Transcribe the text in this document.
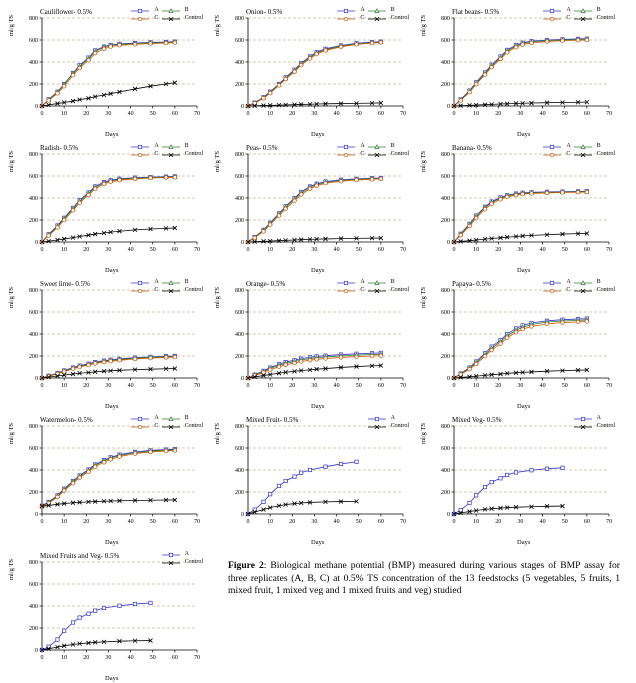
Cauliflower- 0.5%
		A		B

	C		Control
ml/g TS
Days
0
200
400
600
800
0	10	20	30	40	50	60	70
Onion- 0.5%
		A		B

	C		Control
ml/g TS
Days
0
200
400
600
800
0	10	20	30	40	50	60	70
Flat beans- 0.5%
		A		B

	C		Control
ml/g TS
Days
0
200
400
600
800
0	10	20	30	40	50	60	70
Radish- 0.5%
		A		B

	C		Control
ml/g TS
Days
0
200
400
600
800
0	10	20	30	40	50	60	70
Peas- 0.5%
		A		B

	C		Control
ml/g TS
Days
0
200
400
600
800
0	10	20	30	40	50	60	70
Banana- 0.5%
		A		B

	C		Control
ml/g TS
Days
0
200
400
600
800
0	10	20	30	40	50	60	70
Sweet lime- 0.5%
		A		B

	C		Control
ml/g TS
Days
0
200
400
600
800
0	10	20	30	40	50	60	70
Orange- 0.5%
		A		B

	C		Control
ml/g TS
Days
0
200
400
600
800
0	10	20	30	40	50	60	70
Papaya- 0.5%
		A		B

	C		Control
ml/g TS
Days
0
200
400
600
800
0	10	20	30	40	50	60	70
Watermelon- 0.5%
		A		B

	C		Control
ml/g TS
Days
0
200
400
600
800
0	10	20	30	40	50	60	70
Mixed Fruit- 0.5%
		A

	Control
ml/g TS
Days
0
200
400
600
800
0	10	20	30	40	50	60	70
Mixed Veg- 0.5%
		A

	Control
ml/g TS
Days
0
200
400
600
800
0	10	20	30	40	50	60	70
Mixed Fruits and Veg- 0.5%
		A

	Control
ml/g TS
Days
0
200
400
600
800
0	10	20	30	40	50	60	70
Figure 2: Biological methane potential (BMP) measured during various stages of BMP assay for three replicates (A, B, C) at 0.5% TS concentration of the 13 feedstocks (5 vegetables, 5 fruits, 1 mixed fruit, 1 mixed veg and 1 mixed fruits and veg) studied
